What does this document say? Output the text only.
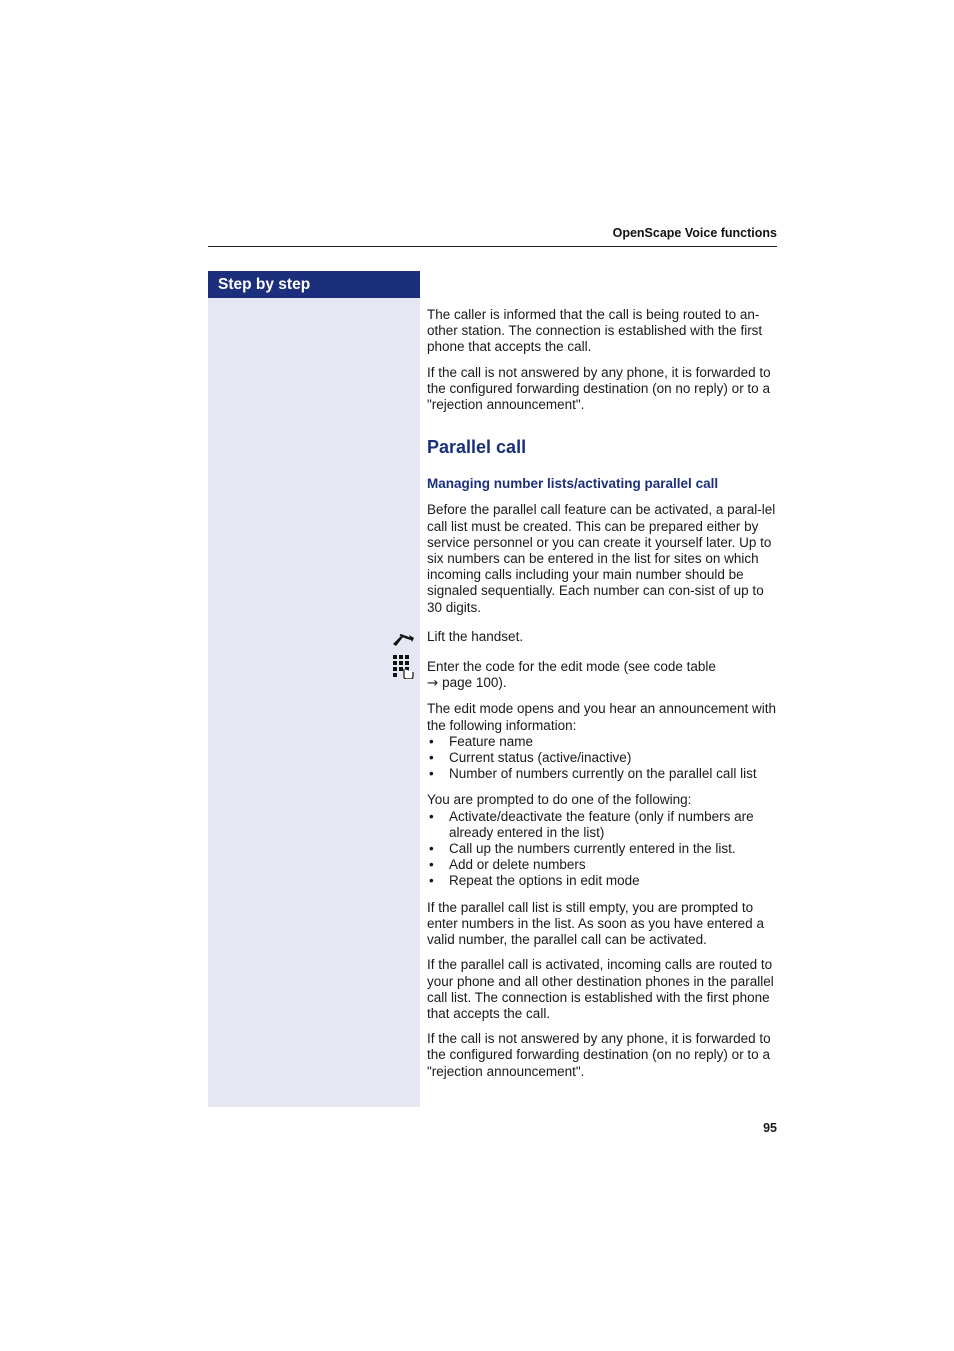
OpenScape Voice functions
Step by step

The caller is informed that the call is being routed to an-other station. The connection is established with the first phone that accepts the call.

If the call is not answered by any phone, it is forwarded to the configured forwarding destination (on no reply) or to a "rejection announcement".

Parallel call

Managing number lists/activating parallel call

Before the parallel call feature can be activated, a paral-lel call list must be created. This can be prepared either by service personnel or you can create it yourself later. Up to six numbers can be entered in the list for sites on which incoming calls including your main number should be signaled sequentially. Each number can con-sist of up to 30 digits.

Lift the handset.

Enter the code for the edit mode (see code table
→ page 100).

The edit mode opens and you hear an announcement with the following information:

• Feature name
• Current status (active/inactive)
• Number of numbers currently on the parallel call list

You are prompted to do one of the following:

• Activate/deactivate the feature (only if numbers are already entered in the list)
• Call up the numbers currently entered in the list.
• Add or delete numbers
• Repeat the options in edit mode

If the parallel call list is still empty, you are prompted to enter numbers in the list. As soon as you have entered a valid number, the parallel call can be activated.

If the parallel call is activated, incoming calls are routed to your phone and all other destination phones in the parallel call list. The connection is established with the first phone that accepts the call.

If the call is not answered by any phone, it is forwarded to the configured forwarding destination (on no reply) or to a "rejection announcement".

95
